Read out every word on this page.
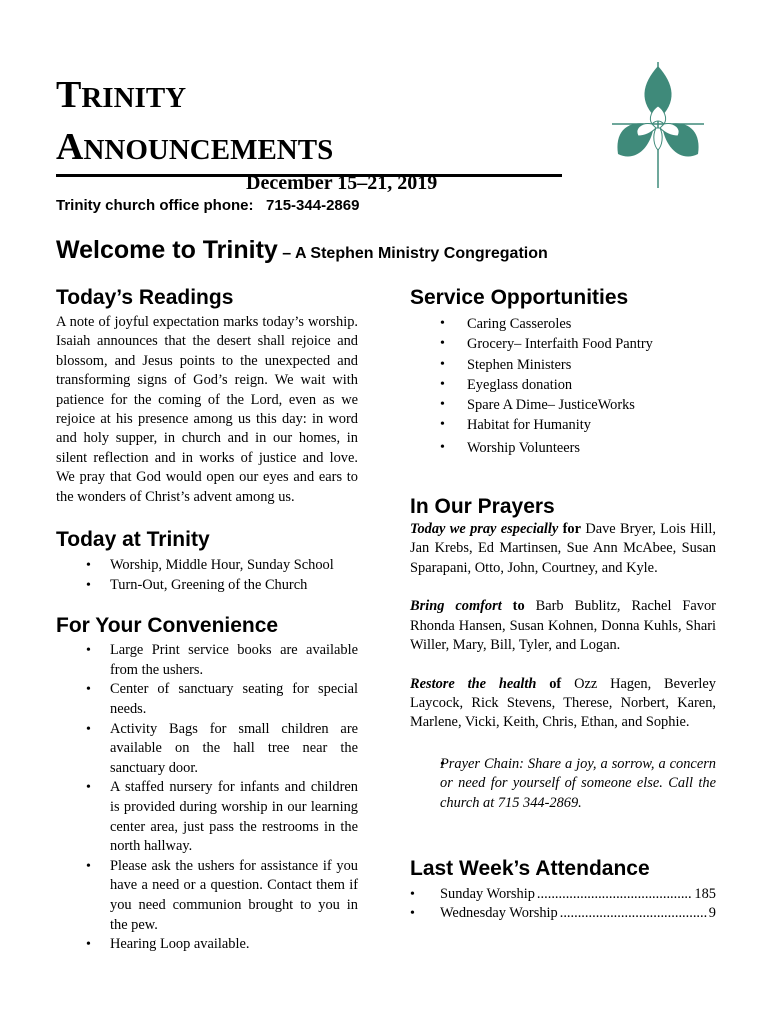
TRINITY
ANNOUNCEMENTS
December 15–21, 2019
Trinity church office phone: 715-344-2869
Welcome to Trinity – A Stephen Ministry Congregation
Today’s Readings
A note of joyful expectation marks today’s worship. Isaiah announces that the desert shall rejoice and blossom, and Jesus points to the unexpected and transforming signs of God’s reign. We wait with patience for the coming of the Lord, even as we rejoice at his presence among us this day: in word and holy supper, in church and in our homes, in silent reflection and in works of justice and love. We pray that God would open our eyes and ears to the wonders of Christ’s advent among us.
Today at Trinity
• Worship, Middle Hour, Sunday School
• Turn-Out, Greening of the Church
For Your Convenience
• Large Print service books are available from the ushers.
• Center of sanctuary seating for special needs.
• Activity Bags for small children are available on the hall tree near the sanctuary door.
• A staffed nursery for infants and children is provided during worship in our learning center area, just pass the restrooms in the north hallway.
• Please ask the ushers for assistance if you have a need or a question. Contact them if you need communion brought to you in the pew.
• Hearing Loop available.
Service Opportunities
• Caring Casseroles
• Grocery– Interfaith Food Pantry
• Stephen Ministers
• Eyeglass donation
• Spare A Dime– JusticeWorks
• Habitat for Humanity
• Worship Volunteers
In Our Prayers

Today we pray especially for Dave Bryer, Lois Hill, Jan Krebs, Ed Martinsen, Sue Ann McAbee, Susan Sparapani, Otto, John, Courtney, and Kyle.

Bring comfort to Barb Bublitz, Rachel Favor Rhonda Hansen, Susan Kohnen, Donna Kuhls, Shari Willer, Mary, Bill, Tyler, and Logan.

Restore the health of Ozz Hagen, Beverley Laycock, Rick Stevens, Therese, Norbert, Karen, Marlene, Vicki, Keith, Chris, Ethan, and Sophie.

• Prayer Chain: Share a joy, a sorrow, a concern or need for yourself of someone else. Call the church at 715 344-2869.
Last Week’s Attendance
• Sunday Worship .....	185
• Wednesday Worship .....	9
